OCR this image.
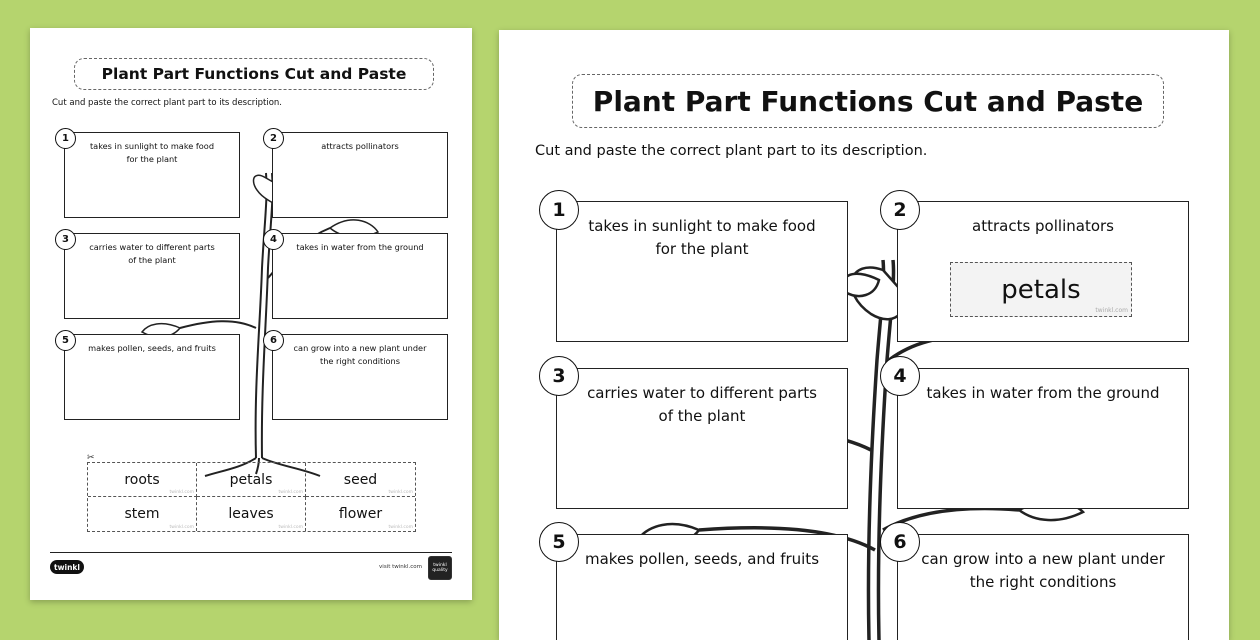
Plant Part Functions Cut and Paste
Cut and paste the correct plant part to its description.
takes in sunlight to make food
for the plant
1
attracts pollinators
2
carries water to different parts
of the plant
3
takes in water from the ground
4
makes pollen, seeds, and fruits
5
can grow into a new plant under
the right conditions
6
✂
roots
twinkl.com
petals
twinkl.com
seed
twinkl.com
stem
twinkl.com
leaves
twinkl.com
flower
twinkl.com
twinkl	visit twinkl.com	twinkl quality
Plant Part Functions Cut and Paste
Cut and paste the correct plant part to its description.
takes in sunlight to make food
for the plant
1
attracts pollinators
petals
twinkl.com
2
carries water to different parts
of the plant
3
takes in water from the ground
4
makes pollen, seeds, and fruits
5
can grow into a new plant under
the right conditions
6
